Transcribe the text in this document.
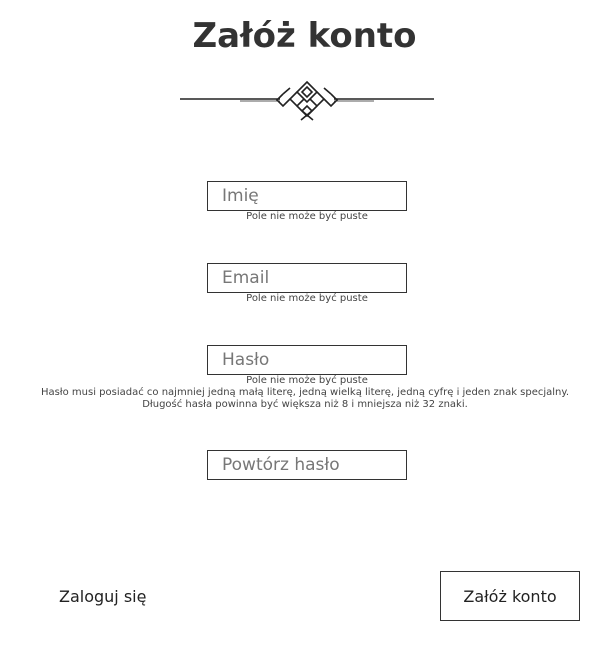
Załóż konto
Imię
Pole nie może być puste
Email
Pole nie może być puste
Pole nie może być puste
Hasło musi posiadać co najmniej jedną małą literę, jedną wielką literę, jedną cyfrę i jeden znak specjalny. Długość hasła powinna być większa niż 8 i mniejsza niż 32 znaki.
Zaloguj się	Załóż konto
